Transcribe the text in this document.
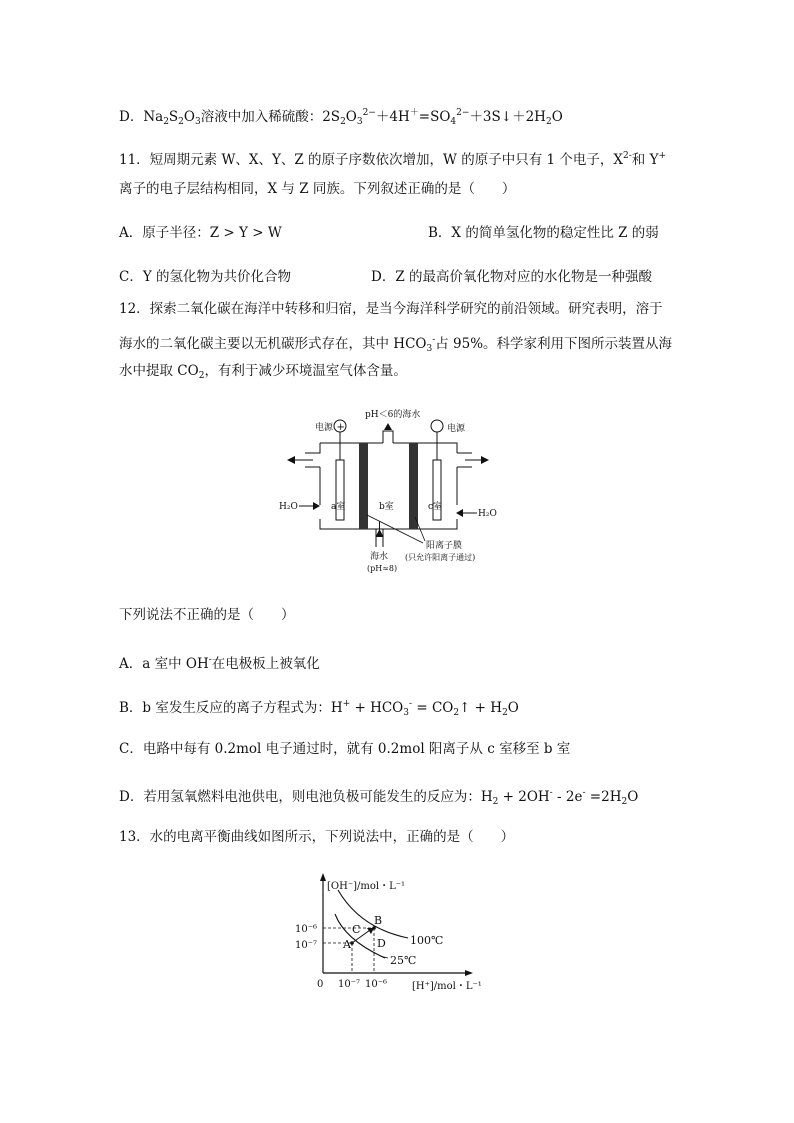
D．$Na_2S_2O_3$溶液中加入稀硫酸：$2S_2O_3^{2-}+4H^+=SO_4^{2-}+3S↓+2H_2O$
11．短周期元素 W、X、Y、Z 的原子序数依次增加，W 的原子中只有 1 个电子，$X^{2-}$和 Y+
离子的电子层结构相同，X 与 Z 同族。下列叙述正确的是（　　）
A．原子半径：Z > Y > W	B．X 的简单氢化物的稳定性比 Z 的弱
C．Y 的氢化物为共价化合物	D．Z 的最高价氧化物对应的水化物是一种强酸
12．探索二氧化碳在海洋中转移和归宿，是当今海洋科学研究的前沿领域。研究表明，溶于
海水的二氧化碳主要以无机碳形式存在，其中 $HCO_3^-$占 95%。科学家利用下图所示装置从海
水中提取 $CO_2$，有利于减少环境温室气体含量。
电源 +	电源
pH＜6的海水
H₂O
H₂O
a室	b室	c室
海水
(pH≈8)
阳离子膜
(只允许阳离子通过)
下列说法不正确的是（　　）
A．a 室中 OH-在电极板上被氧化
B．b 室发生反应的离子方程式为：$H^+ + HCO_3^-$ = $CO_2↑ + H_2O$
C．电路中每有 0.2mol 电子通过时，就有 0.2mol 阳离子从 c 室移至 b 室
D．若用氢氧燃料电池供电，则电池负极可能发生的反应为：$H_2 + 2OH^- - 2e^- =2H_2O$
13．水的电离平衡曲线如图所示，下列说法中，正确的是（　　）
[OH⁻]/mol・L⁻¹
[H⁺]/mol・L⁻¹
0
10⁻⁶
10⁻⁷
10⁻⁷ 10⁻⁶
A
B
C
D 100℃
25℃
